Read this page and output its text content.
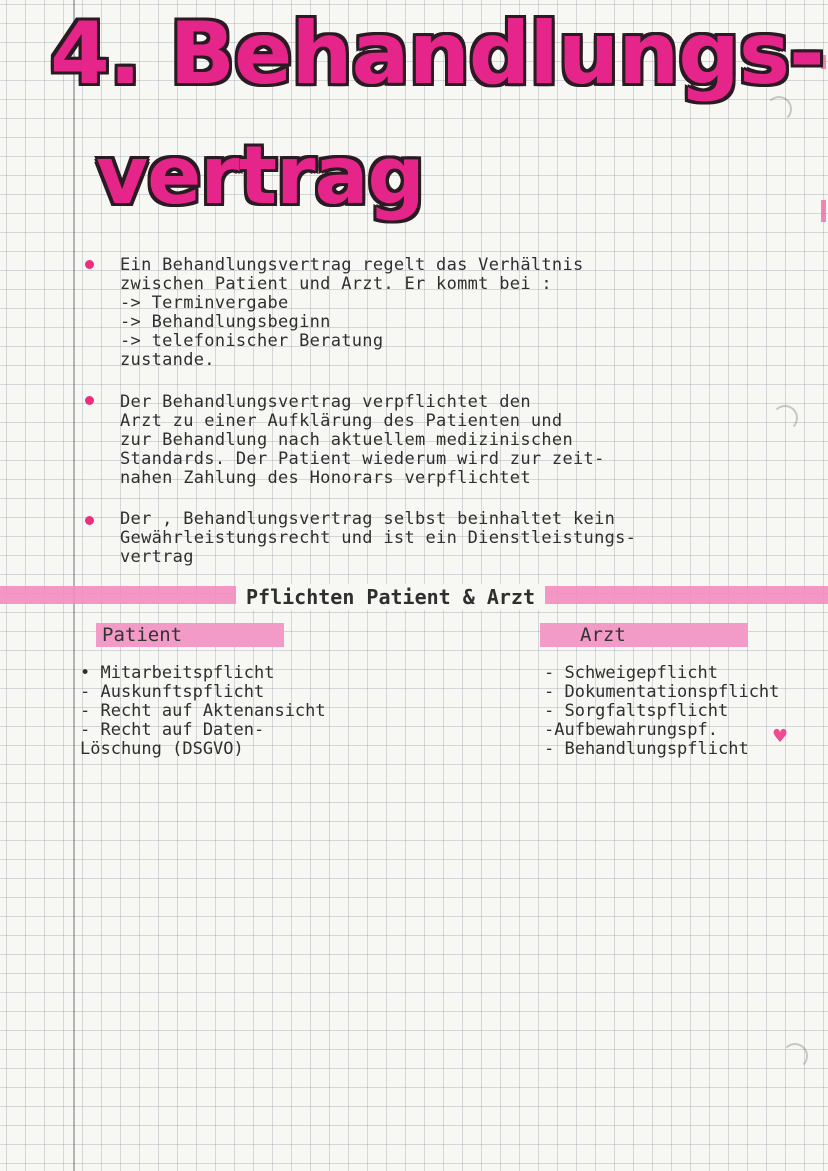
4. Behandlungs-
vertrag
Ein Behandlungsvertrag regelt das Verhältnis
zwischen Patient und Arzt. Er kommt bei :
-> Terminvergabe
-> Behandlungsbeginn
-> telefonischer Beratung
zustande.
Der Behandlungsvertrag verpflichtet den
Arzt zu einer Aufklärung des Patienten und
zur Behandlung nach aktuellem medizinischen
Standards. Der Patient wiederum wird zur zeit-
nahen Zahlung des Honorars verpflichtet
Der , Behandlungsvertrag selbst beinhaltet kein
Gewährleistungsrecht und ist ein Dienstleistungs-
vertrag
Pflichten Patient & Arzt
Patient	Arzt
• Mitarbeitspflicht
- Auskunftspflicht
- Recht auf Aktenansicht
- Recht auf Daten-
Löschung (DSGVO)
- Schweigepflicht
- Dokumentationspflicht
- Sorgfaltspflicht
-Aufbewahrungspf.
- Behandlungspflicht
♥
